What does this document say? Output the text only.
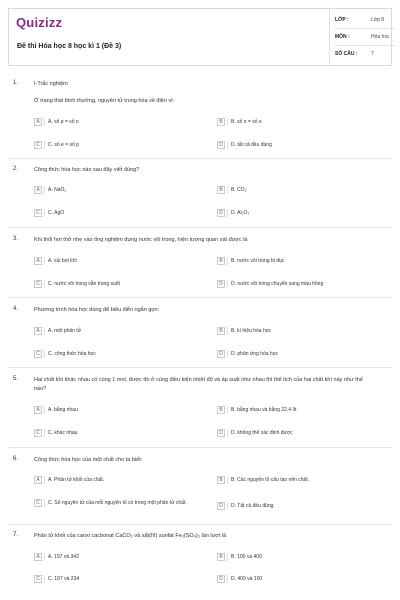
Quizizz
Đề thi Hóa học 8 học kì 1 (Đề 3)
LỚP :	Lớp 8
MÔN :	Hóa học
SỐ CÂU :	7
1.	I-Trắc nghiệm
Ở trạng thái bình thường, nguyên tử trung hòa về điện vì:
A	A. số p = số n	B	B. số n = số e
C	C. số e = số p	D	D. tất cả đều đúng
2.	Công thức hóa học nào sau đây viết đúng?
A	A. NaO₂	B	B. CO₂
C	C. AgO	D	D. Al₂O₃
3.	Khi thổi hơi thở nhẹ vào ống nghiệm đựng nước vôi trong, hiện tượng quan sát được là
A	A. sủi bọt khí	B	B. nước vôi trong bị đục
C	C. nước vôi trong vẫn trong suốt	D	D. nước vôi trong chuyển sang màu hồng
4.	Phương trình hóa học dùng để biểu diễn ngắn gọn:
A	A. một phân tử	B	B. kí hiệu hóa học
C	C. công thức hóa học	D	D. phản ứng hóa học
5.	Hai chất khí khác nhau có cùng 1 mol, được đo ở cùng điều kiện nhiệt độ và áp suất như nhau thì thể tích của hai chất khí này như thế nào?
A	A. bằng nhau	B	B. bằng nhau và bằng 22,4 lít
C	C. khác nhau	D	D. không thể xác định được
6.	Công thức hóa học của một chất cho ta biết:
A	A. Phân tử khối của chất.	B	B. Các nguyên tố cấu tạo nên chất.
C	C. Số nguyên tử của mỗi nguyên tố có trong một phân tử chất.	D	D. Tất cả đều đúng.
7.	Phân tử khối của canxi cacbonat CaCO₃ và sắt(III) sunfat Fe₂(SO₄)₃ lần lượt là
A	A. 197 và 342	B	B. 100 và 400
C	C. 197 và 234	D	D. 400 và 100
